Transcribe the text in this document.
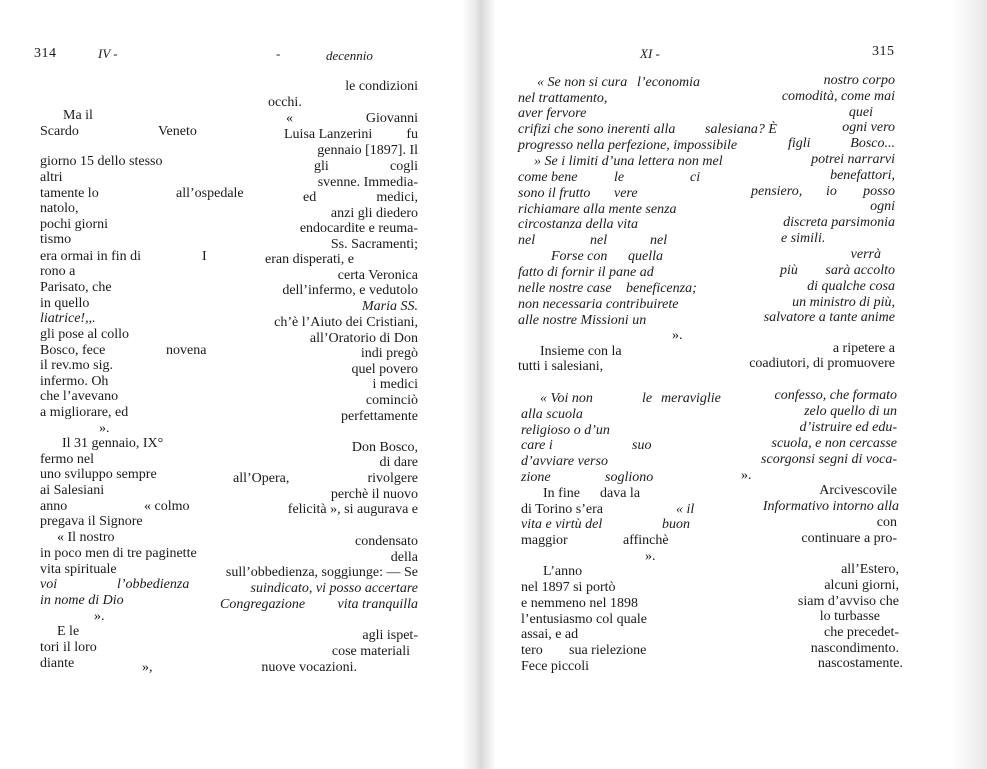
314	IV -	-	decennio
le condizioni
occhi.
Ma il	«	Giovanni
Scardo	Veneto	Luisa Lanzerini fu
gennaio [1897]. Il
giorno 15 dello stesso	gli	cogli
altri	svenne. Immedia-
tamente lo	all’ospedale	ed	medici,
natolo,	anzi gli diedero
pochi giorni	endocardite e reuma-
tismo	Ss. Sacramenti;
era ormai in fin di	I	eran disperati, e
rono a	certa Veronica
Parisato, che	dell’infermo, e vedutolo
in quello	Maria SS.
liatrice!,,.	ch’è l’Aiuto dei Cristiani,
gli pose al collo	all’Oratorio di Don
Bosco, fece	novena	indi pregò
il rev.mo sig.	quel povero
infermo. Oh	i medici
che l’avevano	cominciò
a migliorare, ed	perfettamente
».
Il 31 gennaio, IX°	Don Bosco,
fermo nel	di dare
uno sviluppo sempre	all’Opera,	rivolgere
ai Salesiani	perchè il nuovo
anno	« colmo	felicità », si augurava e
pregava il Signore
« Il nostro	condensato
in poco men di tre paginette	della
vita spirituale	sull’obbedienza, soggiunge: — Se
voi	l’obbedienza	suindicato, vi posso accertare
in nome di Dio	Congregazione vita tranquilla
».
E le	agli ispet-
tori il loro	cose materiali
diante	»,	nuove vocazioni.
XI -	315
« Se non si cura l’economia	nostro corpo
nel trattamento,	comodità, come mai
aver fervore	quei
crifizi che sono inerenti alla salesiana? È	ogni vero
progresso nella perfezione, impossibile	figli	Bosco...
» Se i limiti d’una lettera non mel	potrei narrarvi
come bene	le	ci	benefattori,
sono il frutto vere	pensiero, io posso
richiamare alla mente senza	ogni
circostanza della vita	discreta parsimonia
nel	nel	nel	e simili.
Forse con quella	verrà
fatto di fornir il pane ad	più sarà accolto
nelle nostre case beneficenza;	di qualche cosa
non necessaria contribuirete	un ministro di più,
alle nostre Missioni un	salvatore a tante anime
».
Insieme con la	a ripetere a
tutti i salesiani,	coadiutori, di promuovere
« Voi non	le meraviglie	confesso, che formato
alla scuola	zelo quello di un
religioso o d’un	d’istruire ed edu-
care i	suo	scuola, e non cercasse
d’avviare verso	scorgonsi segni di voca-
zione	sogliono	».
In fine dava la	Arcivescovile
di Torino s’era	« il	Informativo intorno alla
vita e virtù del	buon	con
maggior	affinchè	continuare a pro-
».
L’anno	all’Estero,
nel 1897 si portò	alcuni giorni,
e nemmeno nel 1898	siam d’avviso che
l’entusiasmo col quale	lo turbasse
assai, e ad	che precedet-
tero sua rielezione	nascondimento.
Fece piccoli	nascostamente.
